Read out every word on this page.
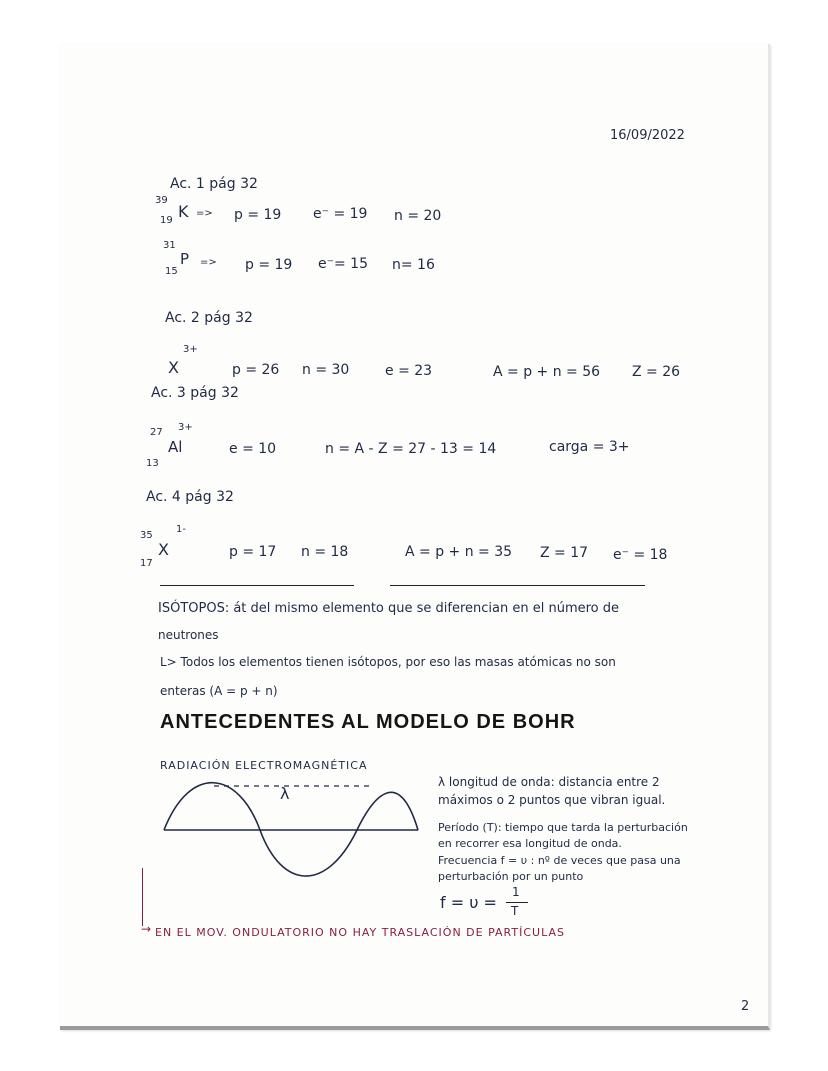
16/09/2022
Ac. 1 pág 32
39
19 K => p = 19 e⁻ = 19 n = 20
31
15
P => p = 19 e⁻= 15 n= 16
Ac. 2 pág 32
X
3+
p = 26 n = 30	e = 23	A = p + n = 56 Z = 26
Ac. 3 pág 32
27 3+
Al
13
e = 10	n = A - Z = 27 - 13 = 14	carga = 3+
Ac. 4 pág 32
35
1-
X
17
p = 17 n = 18	A = p + n = 35 Z = 17 e⁻ = 18
ISÓTOPOS: át del mismo elemento que se diferencian en el número de
neutrones
L> Todos los elementos tienen isótopos, por eso las masas atómicas no son
enteras (A = p + n)
ANTECEDENTES AL MODELO DE BOHR
RADIACIÓN ELECTROMAGNÉTICA
λ
λ longitud de onda: distancia entre 2
máximos o 2 puntos que vibran igual.
Período (T): tiempo que tarda la perturbación
en recorrer esa longitud de onda.
Frecuencia f = υ : nº de veces que pasa una
perturbación por un punto
f = υ =
1
T
→ EN EL MOV. ONDULATORIO NO HAY TRASLACIÓN DE PARTÍCULAS
2
